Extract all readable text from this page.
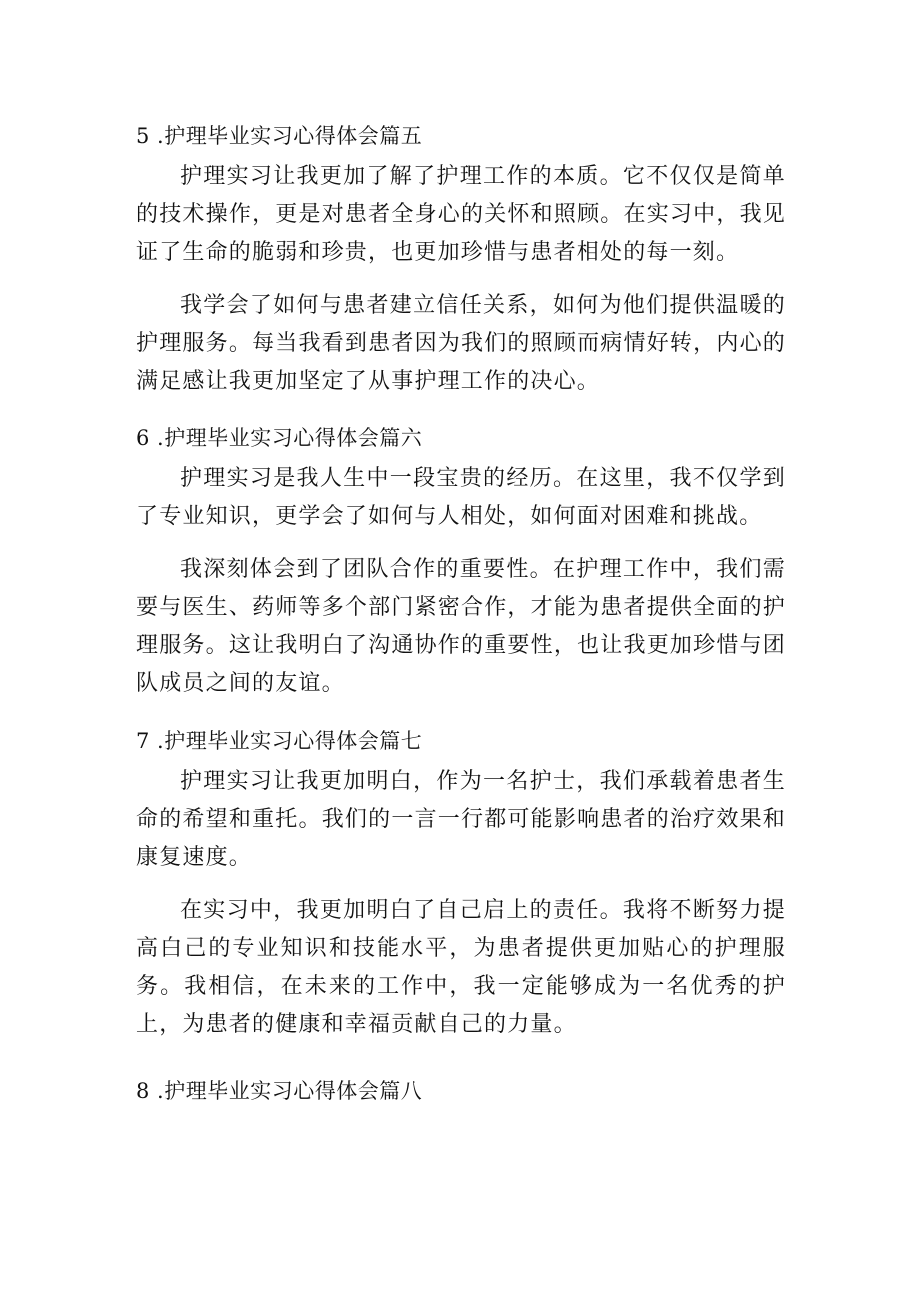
5 .护理毕业实习心得体会篇五

护理实习让我更加了解了护理工作的本质。它不仅仅是简单的技术操作，更是对患者全身心的关怀和照顾。在实习中，我见证了生命的脆弱和珍贵，也更加珍惜与患者相处的每一刻。

我学会了如何与患者建立信任关系，如何为他们提供温暖的护理服务。每当我看到患者因为我们的照顾而病情好转，内心的满足感让我更加坚定了从事护理工作的决心。

6 .护理毕业实习心得体会篇六

护理实习是我人生中一段宝贵的经历。在这里，我不仅学到了专业知识，更学会了如何与人相处，如何面对困难和挑战。

我深刻体会到了团队合作的重要性。在护理工作中，我们需要与医生、药师等多个部门紧密合作，才能为患者提供全面的护理服务。这让我明白了沟通协作的重要性，也让我更加珍惜与团队成员之间的友谊。

7 .护理毕业实习心得体会篇七

护理实习让我更加明白，作为一名护士，我们承载着患者生命的希望和重托。我们的一言一行都可能影响患者的治疗效果和康复速度。

在实习中，我更加明白了自己启上的责任。我将不断努力提高白己的专业知识和技能水平，为患者提供更加贴心的护理服务。我相信，在未来的工作中，我一定能够成为一名优秀的护上，为患者的健康和幸福贡献自己的力量。

8 .护理毕业实习心得体会篇八
